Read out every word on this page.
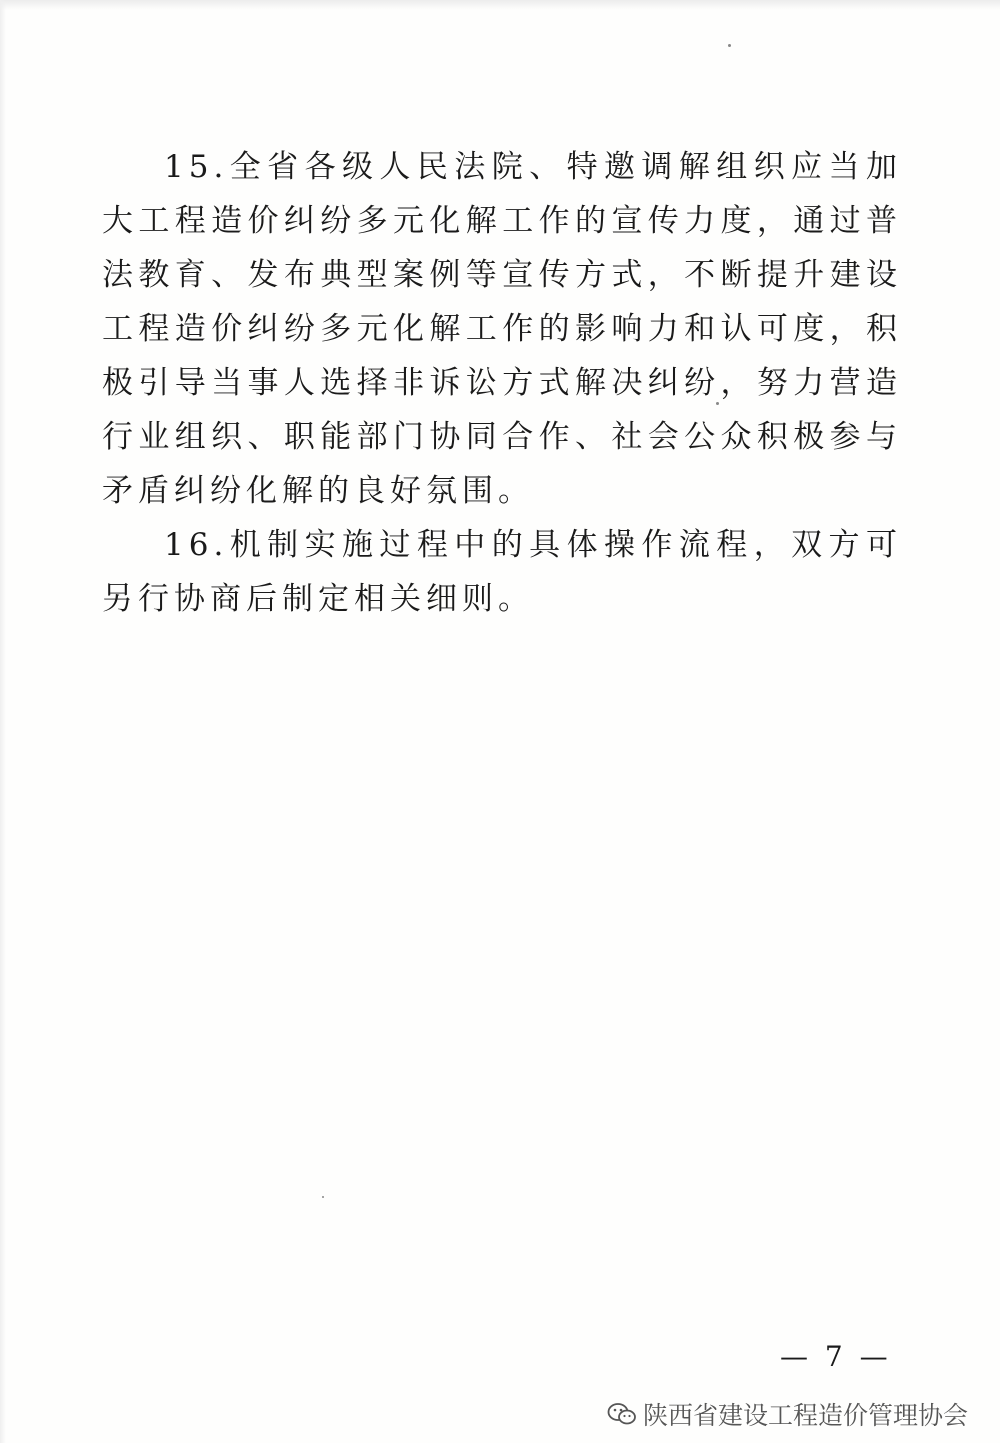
15.全省各级人民法院、特邀调解组织应当加大工程造价纠纷多元化解工作的宣传力度，通过普法教育、发布典型案例等宣传方式，不断提升建设工程造价纠纷多元化解工作的影响力和认可度，积极引导当事人选择非诉讼方式解决纠纷，努力营造行业组织、职能部门协同合作、社会公众积极参与矛盾纠纷化解的良好氛围。

16.机制实施过程中的具体操作流程，双方可另行协商后制定相关细则。

— 7 —
陕西省建设工程造价管理协会
